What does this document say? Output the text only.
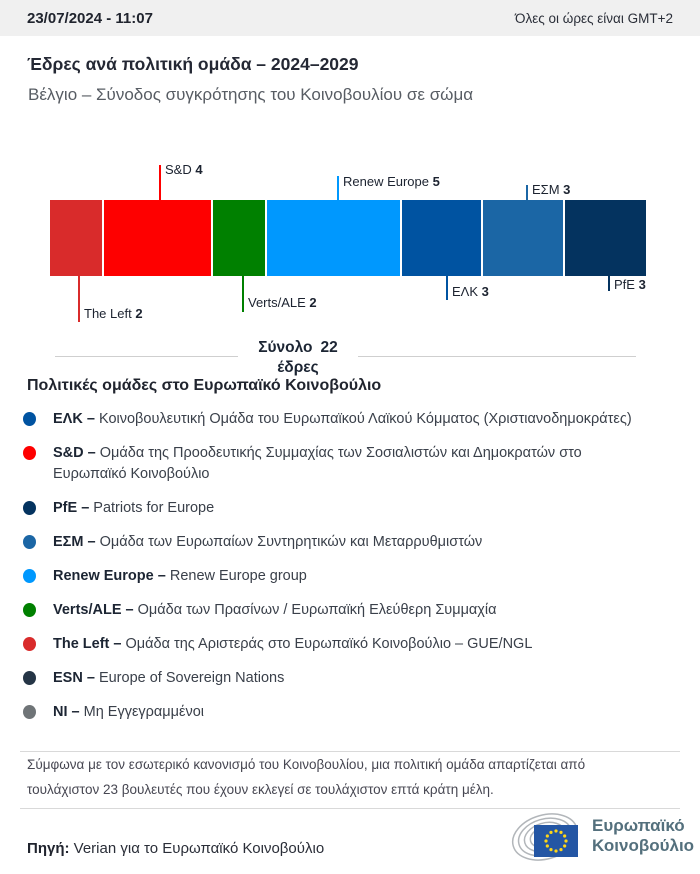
23/07/2024 - 11:07	Όλες οι ώρες είναι GMT+2
Έδρες ανά πολιτική ομάδα – 2024–2029
Βέλγιο – Σύνοδος συγκρότησης του Κοινοβουλίου σε σώμα
Σύνολο 22
έδρες
The Left 2
S&D 4
Verts/ALE 2
Renew Europe 5
ΕΛΚ 3
ΕΣΜ 3
PfE 3
Πολιτικές ομάδες στο Ευρωπαϊκό Κοινοβούλιο
ΕΛΚ – Κοινοβουλευτική Ομάδα του Ευρωπαϊκού Λαϊκού Κόμματος (Χριστιανοδημοκράτες)
S&D – Ομάδα της Προοδευτικής Συμμαχίας των Σοσιαλιστών και Δημοκρατών στο Ευρωπαϊκό Κοινοβούλιο
PfE – Patriots for Europe
ΕΣΜ – Ομάδα των Ευρωπαίων Συντηρητικών και Μεταρρυθμιστών
Renew Europe – Renew Europe group
Verts/ALE – Ομάδα των Πρασίνων / Ευρωπαϊκή Ελεύθερη Συμμαχία
The Left – Ομάδα της Αριστεράς στο Ευρωπαϊκό Κοινοβούλιο – GUE/NGL
ESN – Europe of Sovereign Nations
NI – Μη Εγγεγραμμένοι

Σύμφωνα με τον εσωτερικό κανονισμό του Κοινοβουλίου, μια πολιτική ομάδα απαρτίζεται από τουλάχιστον 23 βουλευτές που έχουν εκλεγεί σε τουλάχιστον επτά κράτη μέλη.

Πηγή: Verian για το Ευρωπαϊκό Κοινοβούλιο

Ευρωπαϊκό
Κοινοβούλιο
